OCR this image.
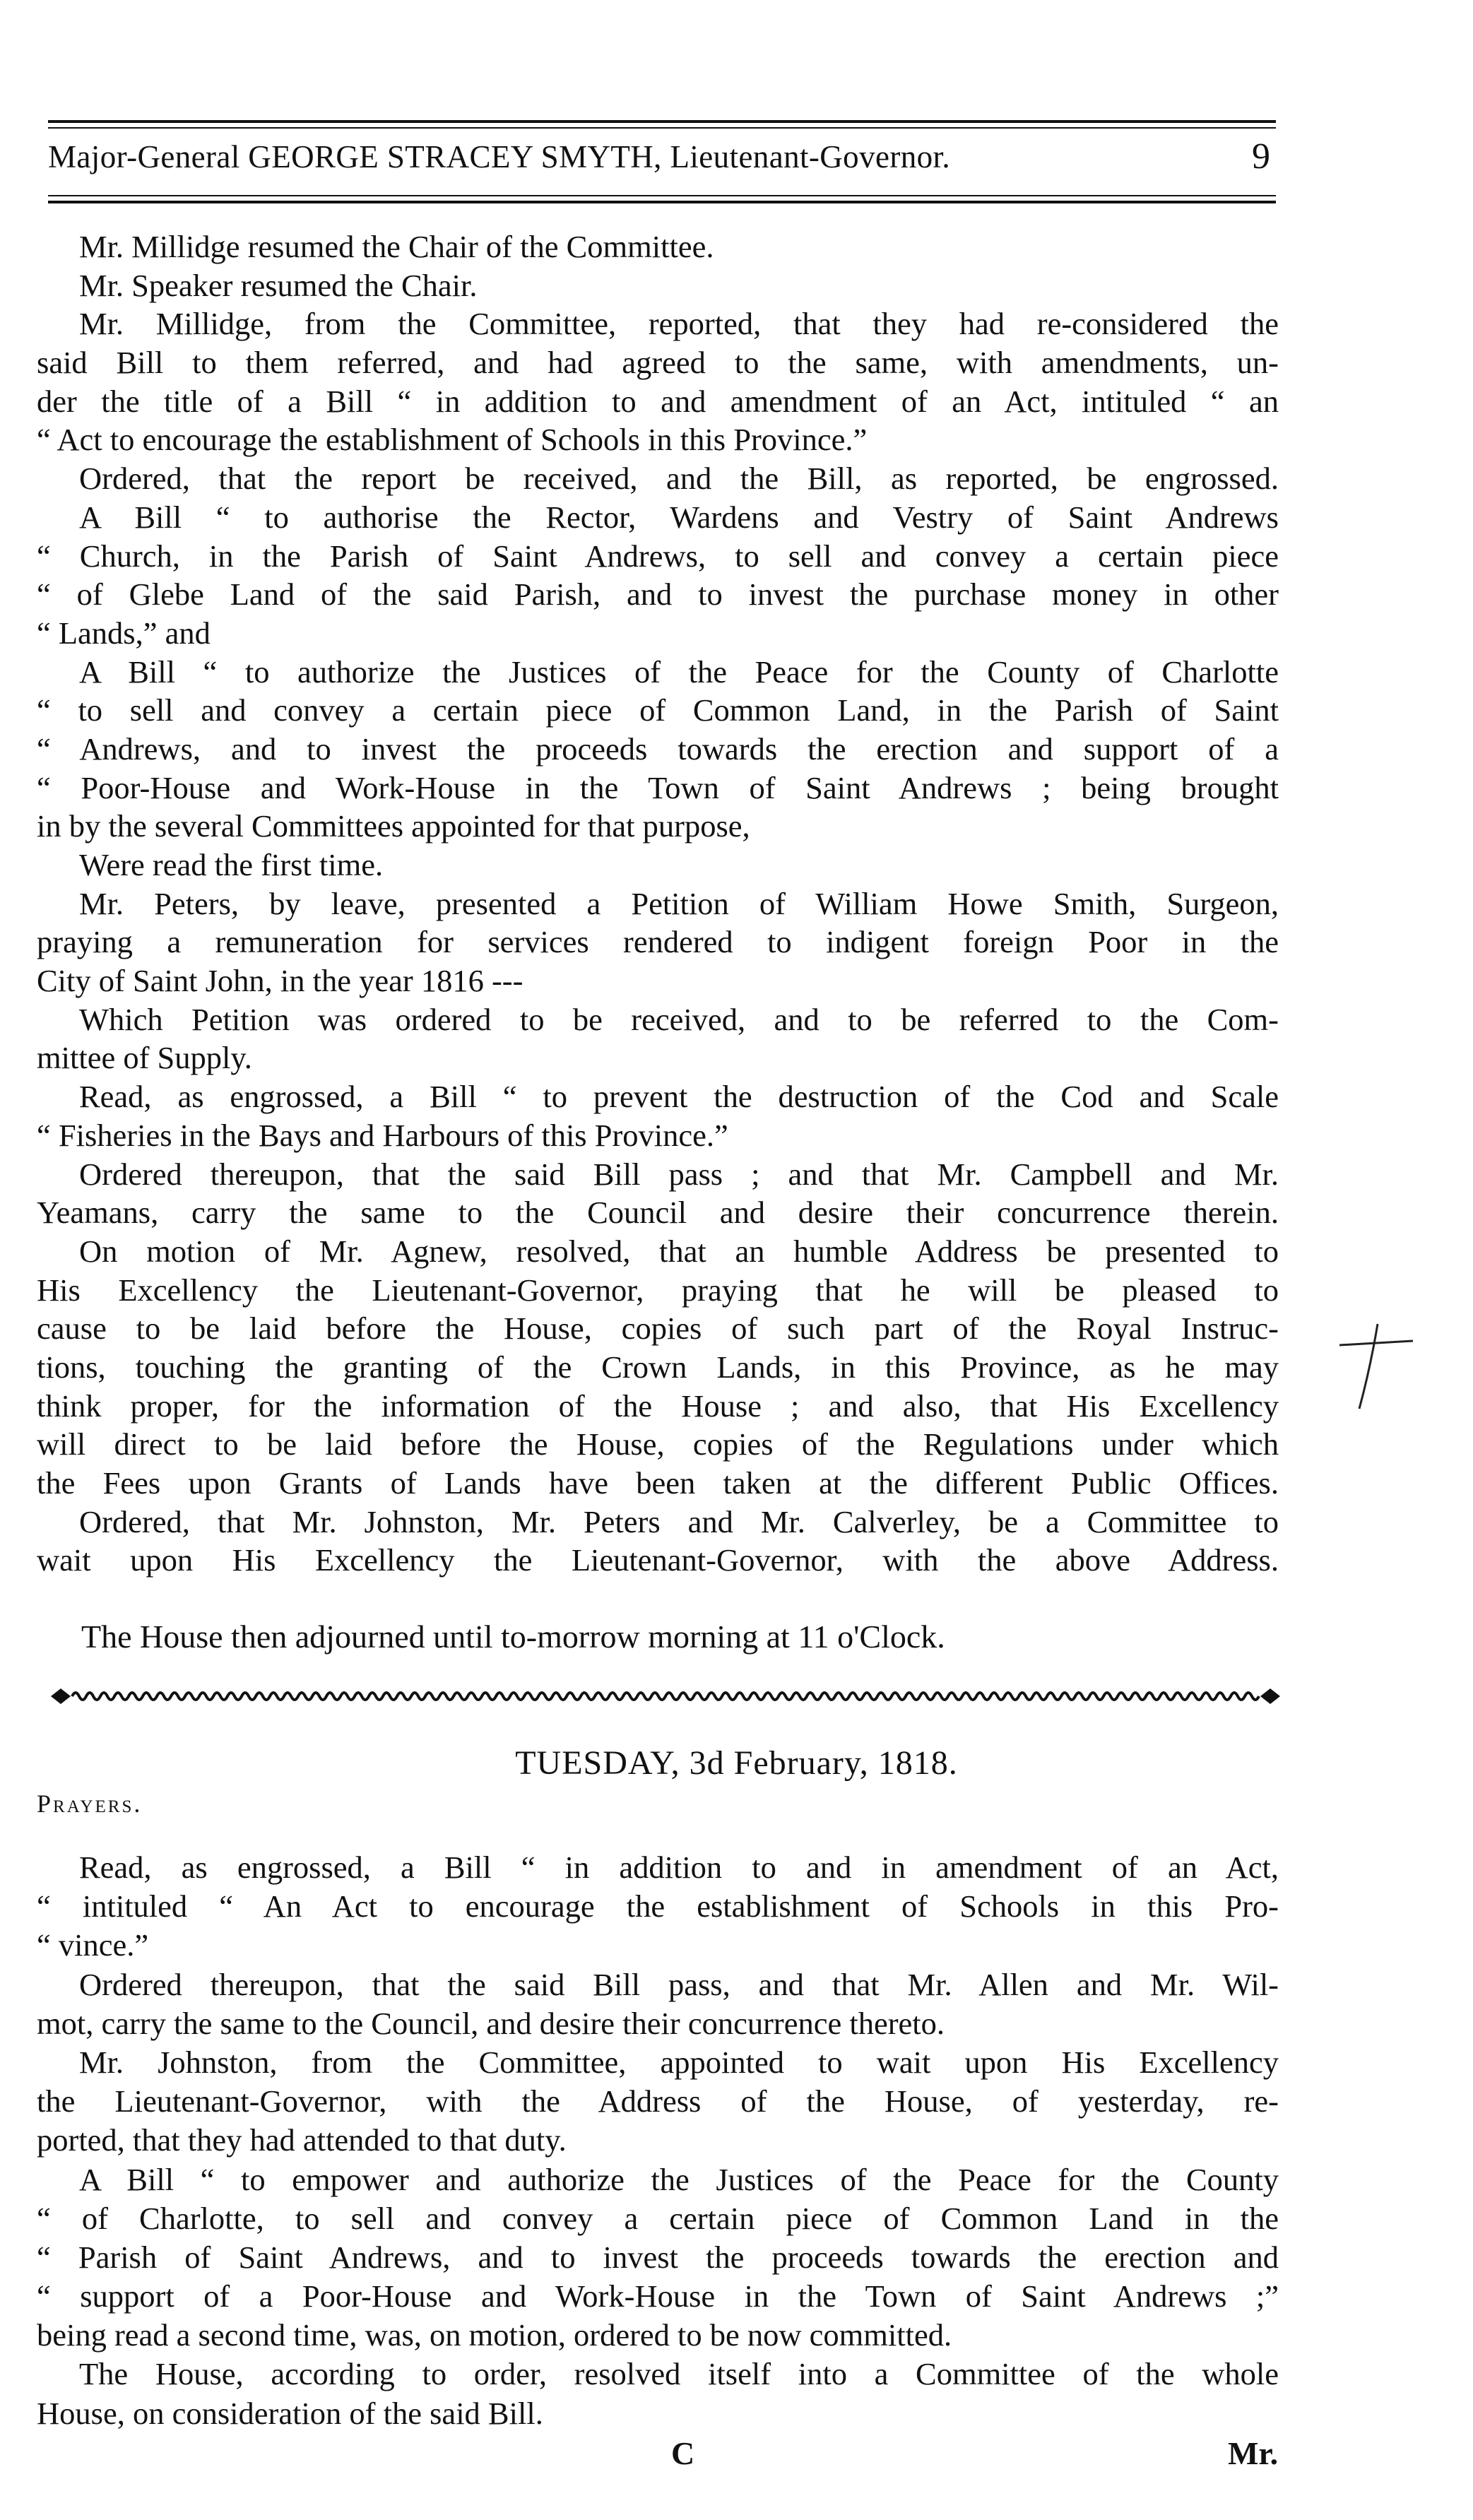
Major-General GEORGE STRACEY SMYTH, Lieutenant-Governor.	9
Mr. Millidge resumed the Chair of the Committee.
Mr. Speaker resumed the Chair.
Mr. Millidge, from the Committee, reported, that they had re-considered the
said Bill to them referred, and had agreed to the same, with amendments, un-
der the title of a Bill “ in addition to and amendment of an Act, intituled “ an
“ Act to encourage the establishment of Schools in this Province.”
Ordered, that the report be received, and the Bill, as reported, be engrossed.
A Bill “ to authorise the Rector, Wardens and Vestry of Saint Andrews
“ Church, in the Parish of Saint Andrews, to sell and convey a certain piece
“ of Glebe Land of the said Parish, and to invest the purchase money in other
“ Lands,” and
A Bill “ to authorize the Justices of the Peace for the County of Charlotte
“ to sell and convey a certain piece of Common Land, in the Parish of Saint
“ Andrews, and to invest the proceeds towards the erection and support of a
“ Poor-House and Work-House in the Town of Saint Andrews ; being brought
in by the several Committees appointed for that purpose,
Were read the first time.
Mr. Peters, by leave, presented a Petition of William Howe Smith, Surgeon,
praying a remuneration for services rendered to indigent foreign Poor in the
City of Saint John, in the year 1816 ---
Which Petition was ordered to be received, and to be referred to the Com-
mittee of Supply.
Read, as engrossed, a Bill “ to prevent the destruction of the Cod and Scale
“ Fisheries in the Bays and Harbours of this Province.”
Ordered thereupon, that the said Bill pass ; and that Mr. Campbell and Mr.
Yeamans, carry the same to the Council and desire their concurrence therein.
On motion of Mr. Agnew, resolved, that an humble Address be presented to
His Excellency the Lieutenant-Governor, praying that he will be pleased to
cause to be laid before the House, copies of such part of the Royal Instruc-
tions, touching the granting of the Crown Lands, in this Province, as he may
think proper, for the information of the House ; and also, that His Excellency
will direct to be laid before the House, copies of the Regulations under which
the Fees upon Grants of Lands have been taken at the different Public Offices.
Ordered, that Mr. Johnston, Mr. Peters and Mr. Calverley, be a Committee to
wait upon His Excellency the Lieutenant-Governor, with the above Address.
The House then adjourned until to-morrow morning at 11 o'Clock.
TUESDAY, 3d February, 1818.
Prayers.
Read, as engrossed, a Bill “ in addition to and in amendment of an Act,
“ intituled “ An Act to encourage the establishment of Schools in this Pro-
“ vince.”
Ordered thereupon, that the said Bill pass, and that Mr. Allen and Mr. Wil-
mot, carry the same to the Council, and desire their concurrence thereto.
Mr. Johnston, from the Committee, appointed to wait upon His Excellency
the Lieutenant-Governor, with the Address of the House, of yesterday, re-
ported, that they had attended to that duty.
A Bill “ to empower and authorize the Justices of the Peace for the County
“ of Charlotte, to sell and convey a certain piece of Common Land in the
“ Parish of Saint Andrews, and to invest the proceeds towards the erection and
“ support of a Poor-House and Work-House in the Town of Saint Andrews ;”
being read a second time, was, on motion, ordered to be now committed.
The House, according to order, resolved itself into a Committee of the whole
House, on consideration of the said Bill.
C	Mr.
